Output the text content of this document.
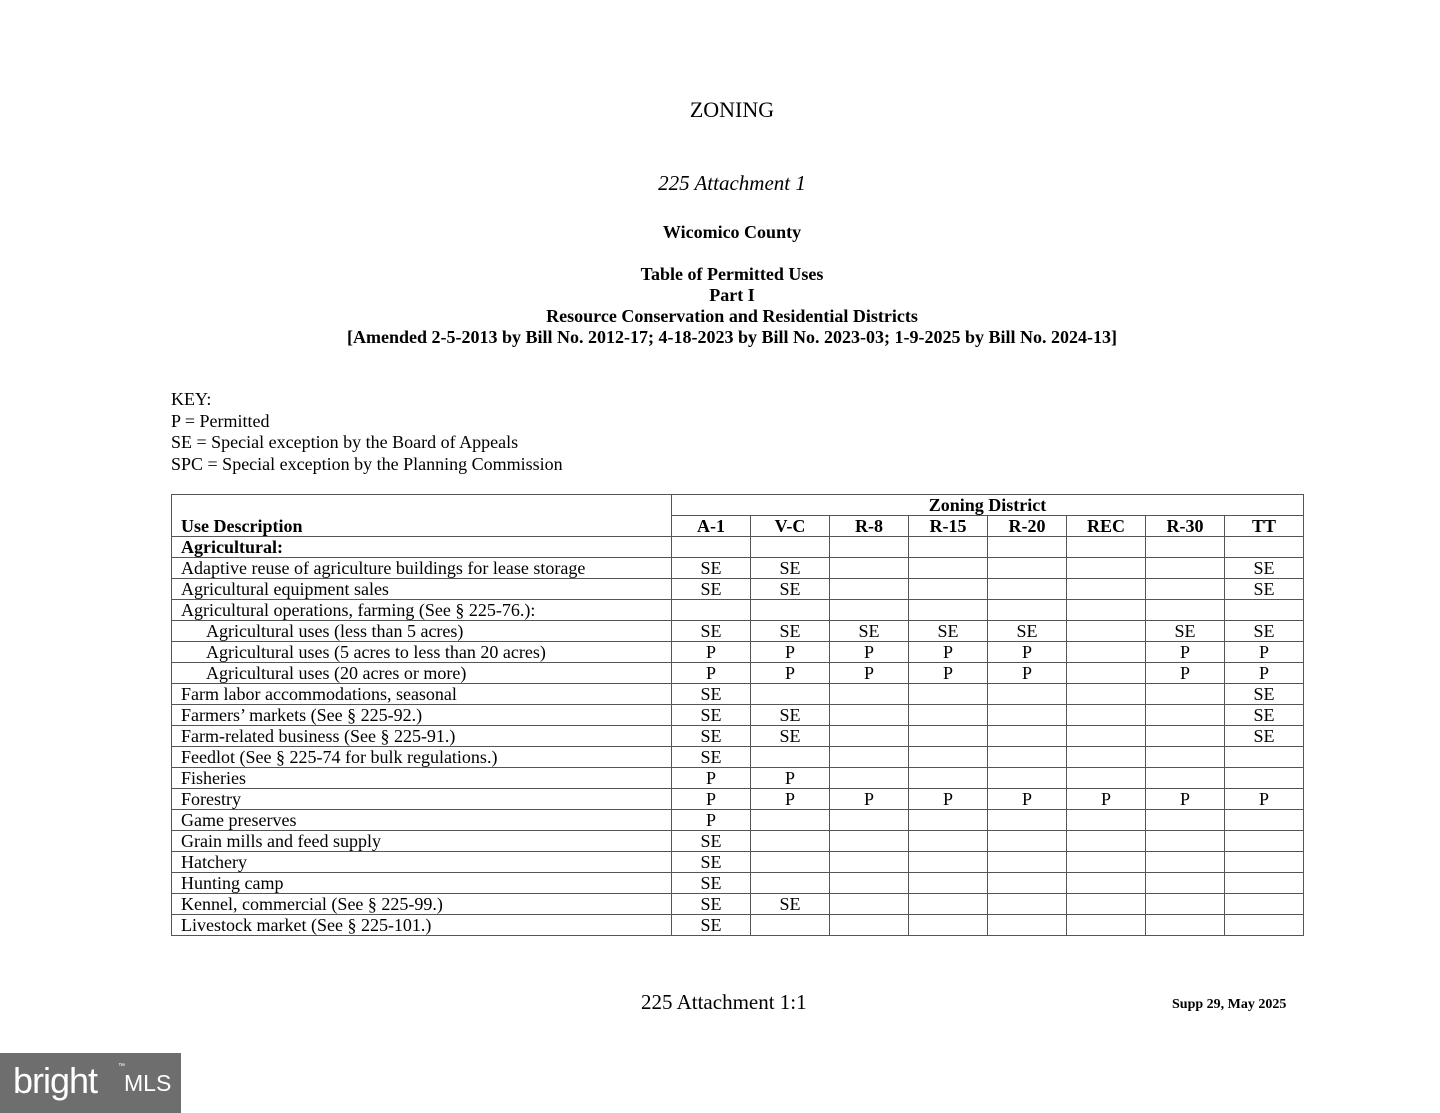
ZONING
225 Attachment 1
Wicomico County
Table of Permitted Uses
Part I
Resource Conservation and Residential Districts
[Amended 2-5-2013 by Bill No. 2012-17; 4-18-2023 by Bill No. 2023-03; 1-9-2025 by Bill No. 2024-13]
KEY:
P = Permitted
SE = Special exception by the Board of Appeals
SPC = Special exception by the Planning Commission
Use Description	Zoning District							
	A-1	V-C	R-8	R-15	R-20	REC	R-30	TT
Agricultural:								
Adaptive reuse of agriculture buildings for lease storage	SE	SE						SE
Agricultural equipment sales	SE	SE						SE
Agricultural operations, farming (See § 225-76.):								
Agricultural uses (less than 5 acres)	SE	SE	SE	SE	SE		SE	SE
Agricultural uses (5 acres to less than 20 acres)	P	P	P	P	P		P	P
Agricultural uses (20 acres or more)	P	P	P	P	P		P	P
Farm labor accommodations, seasonal	SE							SE
Farmers’ markets (See § 225-92.)	SE	SE						SE
Farm-related business (See § 225-91.)	SE	SE						SE
Feedlot (See § 225-74 for bulk regulations.)	SE							
Fisheries	P	P						
Forestry	P	P	P	P	P	P	P	P
Game preserves	P							
Grain mills and feed supply	SE							
Hatchery	SE							
Hunting camp	SE							
Kennel, commercial (See § 225-99.)	SE	SE						
Livestock market (See § 225-101.)	SE							
225 Attachment 1:1	Supp 29, May 2025
bright	™
MLS
